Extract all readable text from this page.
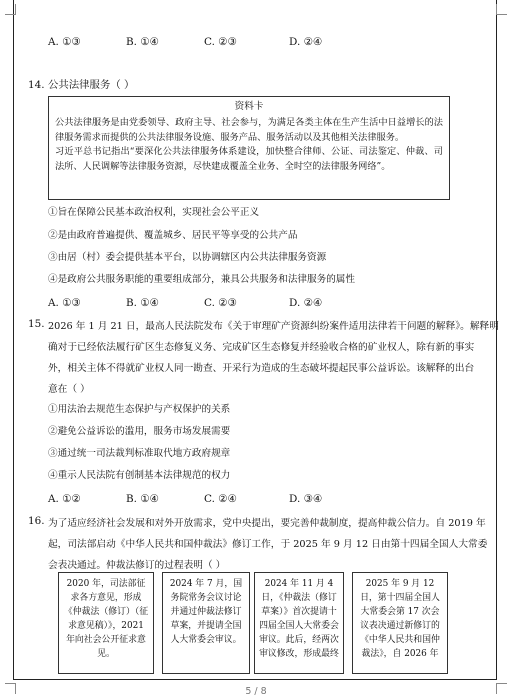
A. ①③	B. ①④	C. ②③	D. ②④
14. 公共法律服务（ ）
资料卡

公共法律服务是由党委领导、政府主导、社会参与，为满足各类主体在生产生活中日益增长的法律服务需求而提供的公共法律服务设施、服务产品、服务活动以及其他相关法律服务。

习近平总书记指出“要深化公共法律服务体系建设，加快整合律师、公证、司法鉴定、仲裁、司法所、人民调解等法律服务资源，尽快建成覆盖全业务、全时空的法律服务网络”。

①旨在保障公民基本政治权利，实现社会公平正义
②是由政府普遍提供、覆盖城乡、居民平等享受的公共产品
③由居（村）委会提供基本平台，以协调辖区内公共法律服务资源
④是政府公共服务职能的重要组成部分，兼具公共服务和法律服务的属性
A. ①③	B. ①④	C. ②③	D. ②④
15. 2026 年 1 月 21 日，最高人民法院发布《关于审理矿产资源纠纷案件适用法律若干问题的解释》。解释明
确对于已经依法履行矿区生态修复义务、完成矿区生态修复并经验收合格的矿业权人，除有新的事实
外，相关主体不得就矿业权人同一勘查、开采行为造成的生态破坏提起民事公益诉讼。该解释的出台
意在（ ）
①用法治去规范生态保护与产权保护的关系
②避免公益诉讼的滥用，服务市场发展需要
③通过统一司法裁判标准取代地方政府规章
④重示人民法院有创制基本法律规范的权力
A. ①②	B. ①④	C. ②④	D. ③④
16. 为了适应经济社会发展和对外开放需求，党中央提出，要完善仲裁制度，提高仲裁公信力。自 2019 年
起，司法部启动《中华人民共和国仲裁法》修订工作，于 2025 年 9 月 12 日由第十四届全国人大常委
会表决通过。仲裁法修订的过程表明（ ）
2020 年，司法部征求各方意见，形成《仲裁法（修订）（征求意见稿）》，2021 年向社会公开征求意见。
2024 年 7 月，国务院常务会议讨论并通过仲裁法修订草案，并提请全国人大常委会审议。
2024 年 11 月 4 日，《仲裁法（修订草案）》首次提请十四届全国人大常委会审议。此后，经两次审议修改，形成最终
2025 年 9 月 12 日，第十四届全国人大常委会第 17 次会议表决通过新修订的《中华人民共和国仲裁法》，自 2026 年
5 / 8
